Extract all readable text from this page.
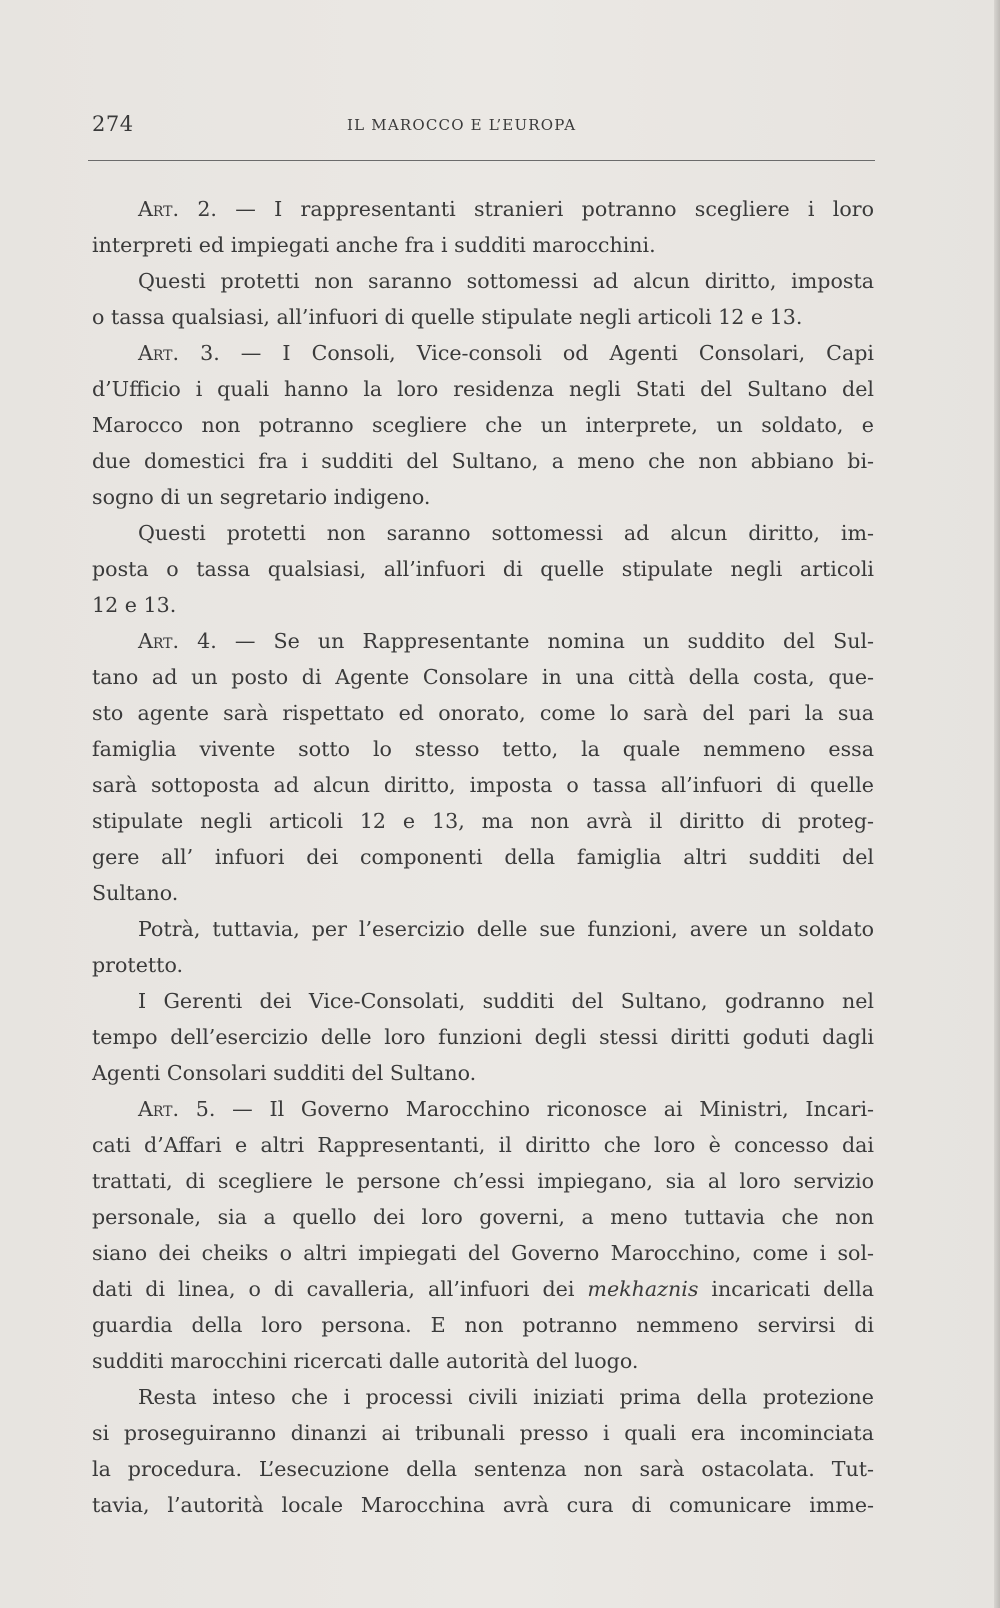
274	IL MAROCCO E L’EUROPA
Art. 2. — I rappresentanti stranieri potranno scegliere i loro
interpreti ed impiegati anche fra i sudditi marocchini.
Questi protetti non saranno sottomessi ad alcun diritto, imposta
o tassa qualsiasi, all’infuori di quelle stipulate negli articoli 12 e 13.
Art. 3. — I Consoli, Vice-consoli od Agenti Consolari, Capi
d’Ufficio i quali hanno la loro residenza negli Stati del Sultano del
Marocco non potranno scegliere che un interprete, un soldato, e
due domestici fra i sudditi del Sultano, a meno che non abbiano bi-
sogno di un segretario indigeno.
Questi protetti non saranno sottomessi ad alcun diritto, im-
posta o tassa qualsiasi, all’infuori di quelle stipulate negli articoli
12 e 13.
Art. 4. — Se un Rappresentante nomina un suddito del Sul-
tano ad un posto di Agente Consolare in una città della costa, que-
sto agente sarà rispettato ed onorato, come lo sarà del pari la sua
famiglia vivente sotto lo stesso tetto, la quale nemmeno essa
sarà sottoposta ad alcun diritto, imposta o tassa all’infuori di quelle
stipulate negli articoli 12 e 13, ma non avrà il diritto di proteg-
gere all’ infuori dei componenti della famiglia altri sudditi del
Sultano.
Potrà, tuttavia, per l’esercizio delle sue funzioni, avere un soldato
protetto.
I Gerenti dei Vice-Consolati, sudditi del Sultano, godranno nel
tempo dell’esercizio delle loro funzioni degli stessi diritti goduti dagli
Agenti Consolari sudditi del Sultano.
Art. 5. — Il Governo Marocchino riconosce ai Ministri, Incari-
cati d’Affari e altri Rappresentanti, il diritto che loro è concesso dai
trattati, di scegliere le persone ch’essi impiegano, sia al loro servizio
personale, sia a quello dei loro governi, a meno tuttavia che non
siano dei cheiks o altri impiegati del Governo Marocchino, come i sol-
dati di linea, o di cavalleria, all’infuori dei mekhaznis incaricati della
guardia della loro persona. E non potranno nemmeno servirsi di
sudditi marocchini ricercati dalle autorità del luogo.
Resta inteso che i processi civili iniziati prima della protezione
si proseguiranno dinanzi ai tribunali presso i quali era incominciata
la procedura. L’esecuzione della sentenza non sarà ostacolata. Tut-
tavia, l’autorità locale Marocchina avrà cura di comunicare imme-
